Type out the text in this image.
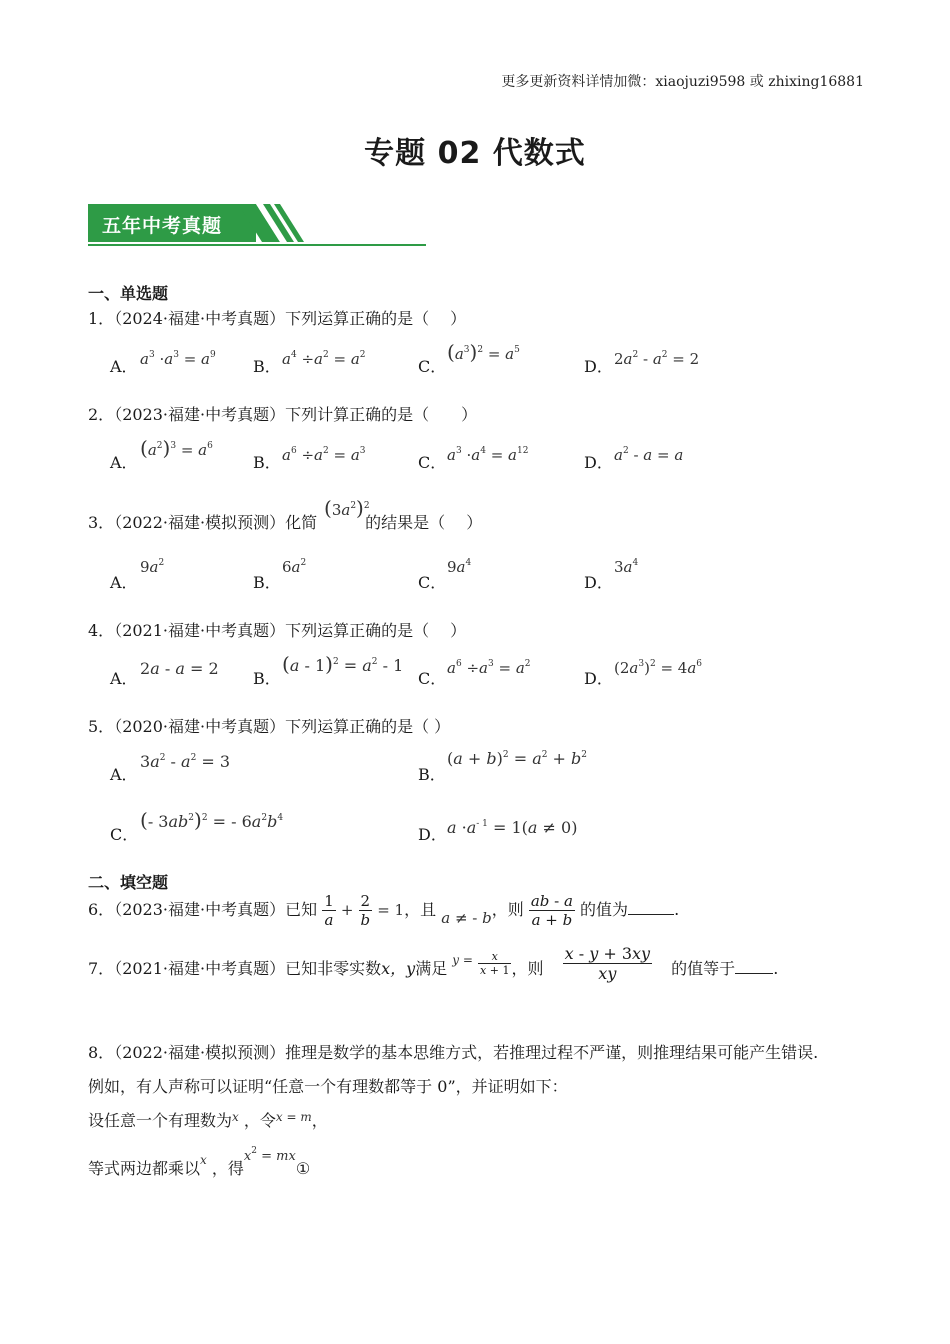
更多更新资料详情加微：xiaojuzi9598 或 zhixing16881
专题 02 代数式
五年中考真题
一、单选题
1．（2024·福建·中考真题）下列运算正确的是（　 ）
A． $a^3 \cdot a^3 = a^9$
B． $a^4 \div a^2 = a^2$
C．
$(a^3)^2 = a^5$
D． $2a^2 - a^2 = 2$
2．（2023·福建·中考真题）下列计算正确的是（　　）
A．
$(a^2)^3 = a^6$
B． $a^6 \div a^2 = a^3$
C． $a^3 \cdot a^4 = a^{12}$
D． $a^2 - a = a$
3．（2022·福建·模拟预测）化简	的结果是（　 ）
$(3a^2)^2$
A．
$9a^2$
B．
$6a^2$
C．
$9a^4$
D．
$3a^4$
4．（2021·福建·中考真题）下列运算正确的是（　 ）
A．
2a - a = 2
B．
$(a - 1)^2 = a^2 - 1$
C．
$a^6 \div a^3 = a^2$
D．
$(2a^3)^2 = 4a^6$
5．（2020·福建·中考真题）下列运算正确的是（ ）
A．
$3a^2 - a^2 = 3$
B．
$(a + b)^2 = a^2 + b^2$
C．
(- $3ab^2)^2$ = - $6a^2b^4$
D． $a \cdot a^{- 1} = 1(a \ne 0)$
二、填空题
6．（2023·福建·中考真题）已知 $\frac{1}{a} + \frac{2}{b} = 1$，且 a ≠ - b，则 $\frac{ab - a}{a + b}$ 的值为	.
7．（2021·福建·中考真题）已知非零实数x，y满足 $^{y =} \frac{x}{x + 1}$ ，则 $\frac{x - y + 3xy}{xy}$ 的值等于 .
8．（2022·福建·模拟预测）推理是数学的基本思维方式，若推理过程不严谨，则推理结果可能产生错误.
例如，有人声称可以证明“任意一个有理数都等于 0”，并证明如下：
设任意一个有理数为$^x$ ，令$^{x = m}$，
等式两边都乘以$^x$ ，得$^{x^2 = mx}$①
